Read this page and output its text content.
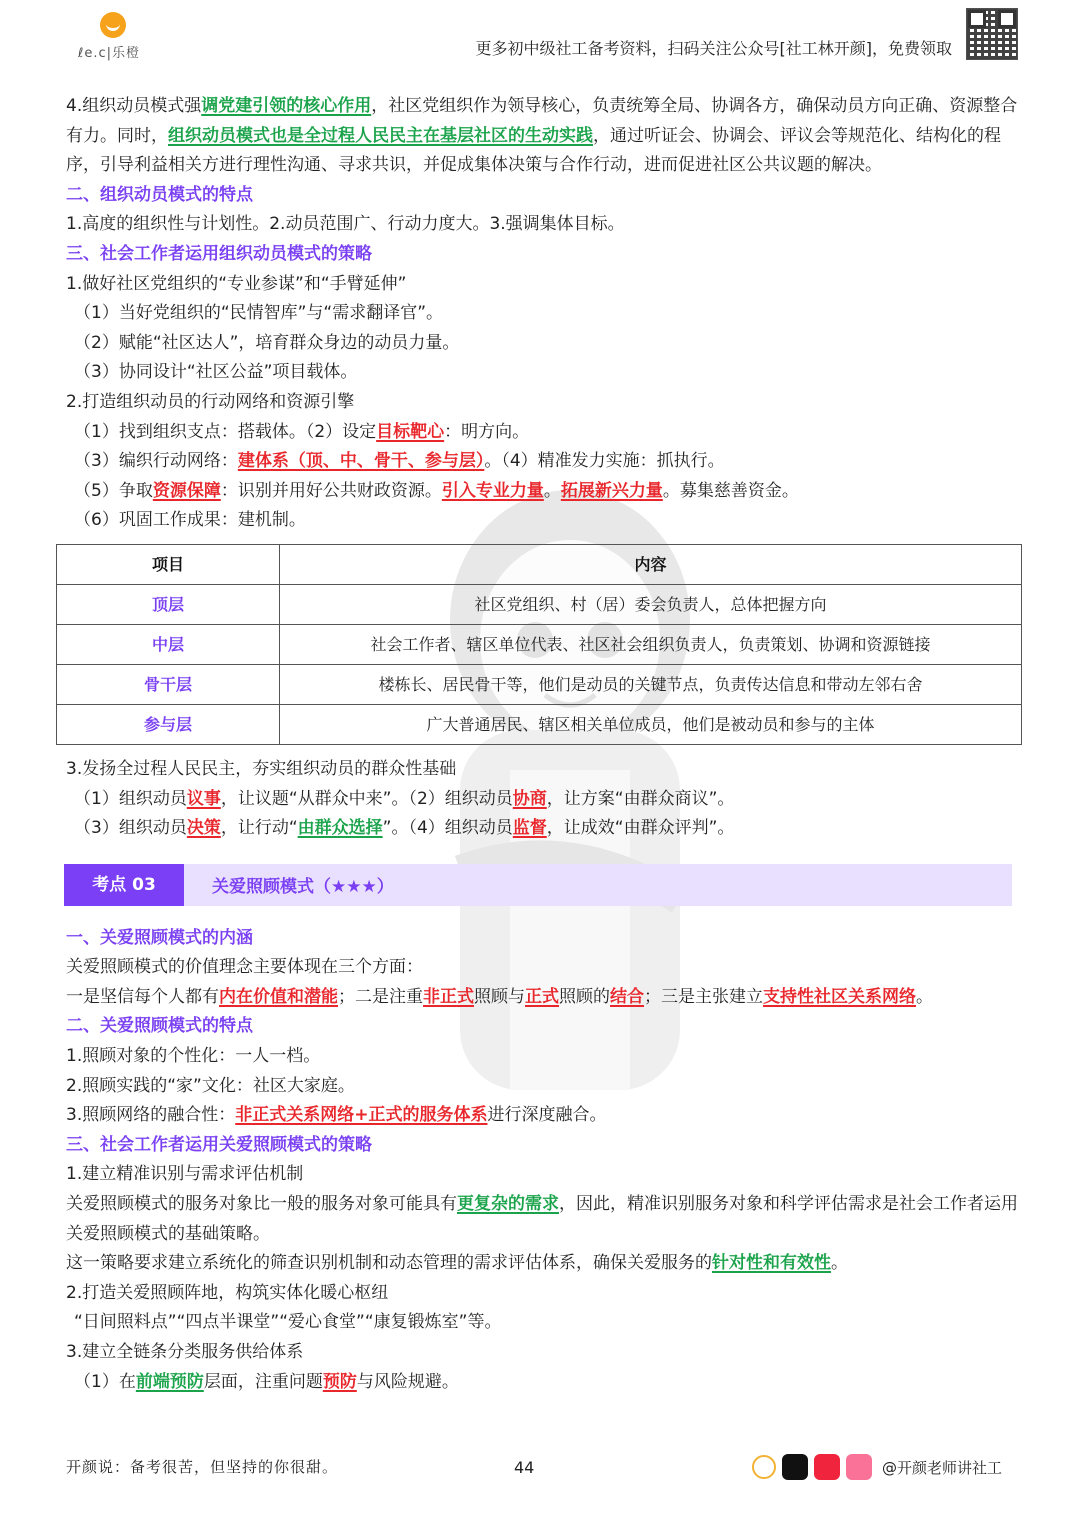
ℓe.c|乐橙	更多初中级社工备考资料，扫码关注公众号[社工林开颜]，免费领取

4.组织动员模式强调党建引领的核心作用，社区党组织作为领导核心，负责统筹全局、协调各方，确保动员方向正确、资源整合有力。同时，组织动员模式也是全过程人民民主在基层社区的生动实践，通过听证会、协调会、评议会等规范化、结构化的程序，引导利益相关方进行理性沟通、寻求共识，并促成集体决策与合作行动，进而促进社区公共议题的解决。

二、组织动员模式的特点

1.高度的组织性与计划性。2.动员范围广、行动力度大。3.强调集体目标。

三、社会工作者运用组织动员模式的策略

1.做好社区党组织的“专业参谋”和“手臂延伸”

（1）当好党组织的“民情智库”与“需求翻译官”。

（2）赋能“社区达人”，培育群众身边的动员力量。

（3）协同设计“社区公益”项目载体。

2.打造组织动员的行动网络和资源引擎

（1）找到组织支点：搭载体。（2）设定目标靶心：明方向。

（3）编织行动网络：建体系（顶、中、骨干、参与层）。（4）精准发力实施：抓执行。

（5）争取资源保障：识别并用好公共财政资源。引入专业力量。拓展新兴力量。募集慈善资金。

（6）巩固工作成果：建机制。

项目	内容
顶层	社区党组织、村（居）委会负责人，总体把握方向
中层	社会工作者、辖区单位代表、社区社会组织负责人，负责策划、协调和资源链接
骨干层	楼栋长、居民骨干等，他们是动员的关键节点，负责传达信息和带动左邻右舍
参与层	广大普通居民、辖区相关单位成员，他们是被动员和参与的主体

3.发扬全过程人民民主，夯实组织动员的群众性基础

（1）组织动员议事，让议题“从群众中来”。（2）组织动员协商，让方案“由群众商议”。

（3）组织动员决策，让行动“由群众选择”。（4）组织动员监督，让成效“由群众评判”。

考点 03	关爱照顾模式（★★★）

一、关爱照顾模式的内涵

关爱照顾模式的价值理念主要体现在三个方面：

一是坚信每个人都有内在价值和潜能；二是注重非正式照顾与正式照顾的结合；三是主张建立支持性社区关系网络。

二、关爱照顾模式的特点

1.照顾对象的个性化：一人一档。

2.照顾实践的“家”文化：社区大家庭。

3.照顾网络的融合性：非正式关系网络+正式的服务体系进行深度融合。

三、社会工作者运用关爱照顾模式的策略

1.建立精准识别与需求评估机制

关爱照顾模式的服务对象比一般的服务对象可能具有更复杂的需求，因此，精准识别服务对象和科学评估需求是社会工作者运用关爱照顾模式的基础策略。

这一策略要求建立系统化的筛查识别机制和动态管理的需求评估体系，确保关爱服务的针对性和有效性。

2.打造关爱照顾阵地，构筑实体化暖心枢纽

“日间照料点”“四点半课堂”“爱心食堂”“康复锻炼室”等。

3.建立全链条分类服务供给体系

（1）在前端预防层面，注重问题预防与风险规避。

开颜说：备考很苦，但坚持的你很甜。	44	@开颜老师讲社工
